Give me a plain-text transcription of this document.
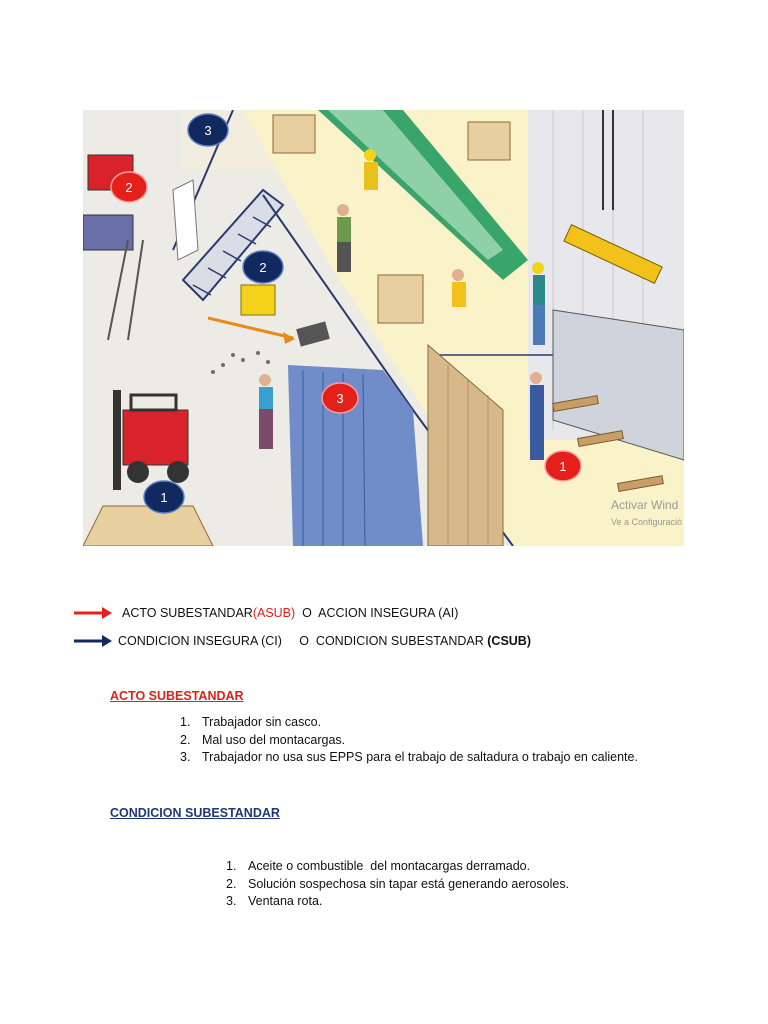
3
2
2
3
1
1
Activar Wind
Ve a Configuració
ACTO SUBESTANDAR (ASUB) O  ACCION INSEGURA (AI)
CONDICION INSEGURA (CI)     O  CONDICION SUBESTANDAR (CSUB)
ACTO SUBESTANDAR
1. Trabajador sin casco.
2. Mal uso del montacargas.
3. Trabajador no usa sus EPPS para el trabajo de saltadura o trabajo en caliente.
CONDICION SUBESTANDAR
1. Aceite o combustible  del montacargas derramado.
2. Solución sospechosa sin tapar está generando aerosoles.
3. Ventana rota.
